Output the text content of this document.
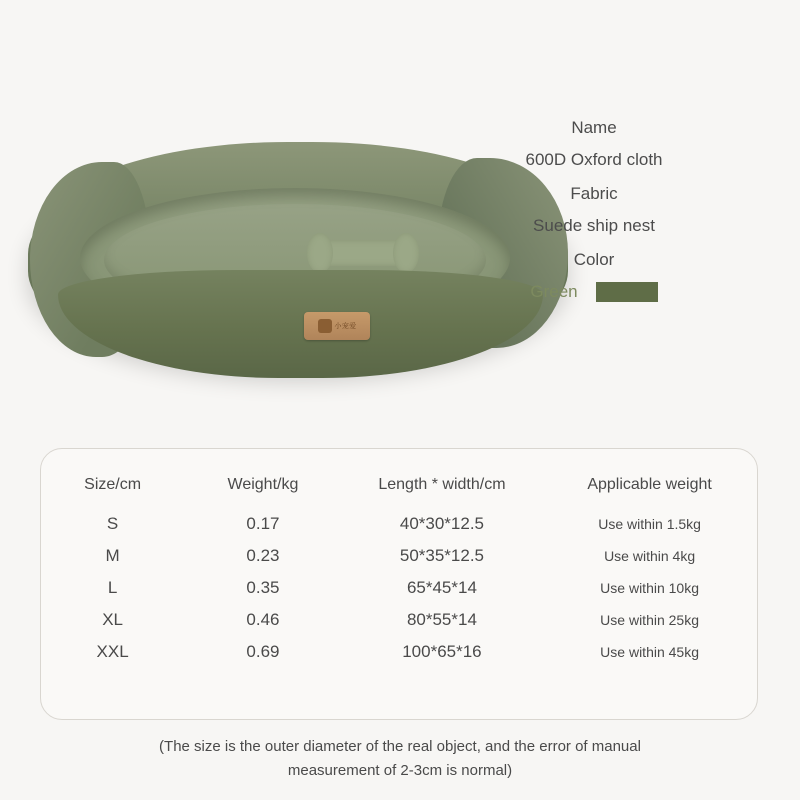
小宠爱

Name

600D Oxford cloth

Fabric

Suede ship nest

Color

Green
Size/cm	Weight/kg	Length * width/cm	Applicable weight
S	0.17	40*30*12.5	Use within 1.5kg
M	0.23	50*35*12.5	Use within 4kg
L	0.35	65*45*14	Use within 10kg
XL	0.46	80*55*14	Use within 25kg
XXL	0.69	100*65*16	Use within 45kg
(The size is the outer diameter of the real object, and the error of manual
measurement of 2-3cm is normal)
